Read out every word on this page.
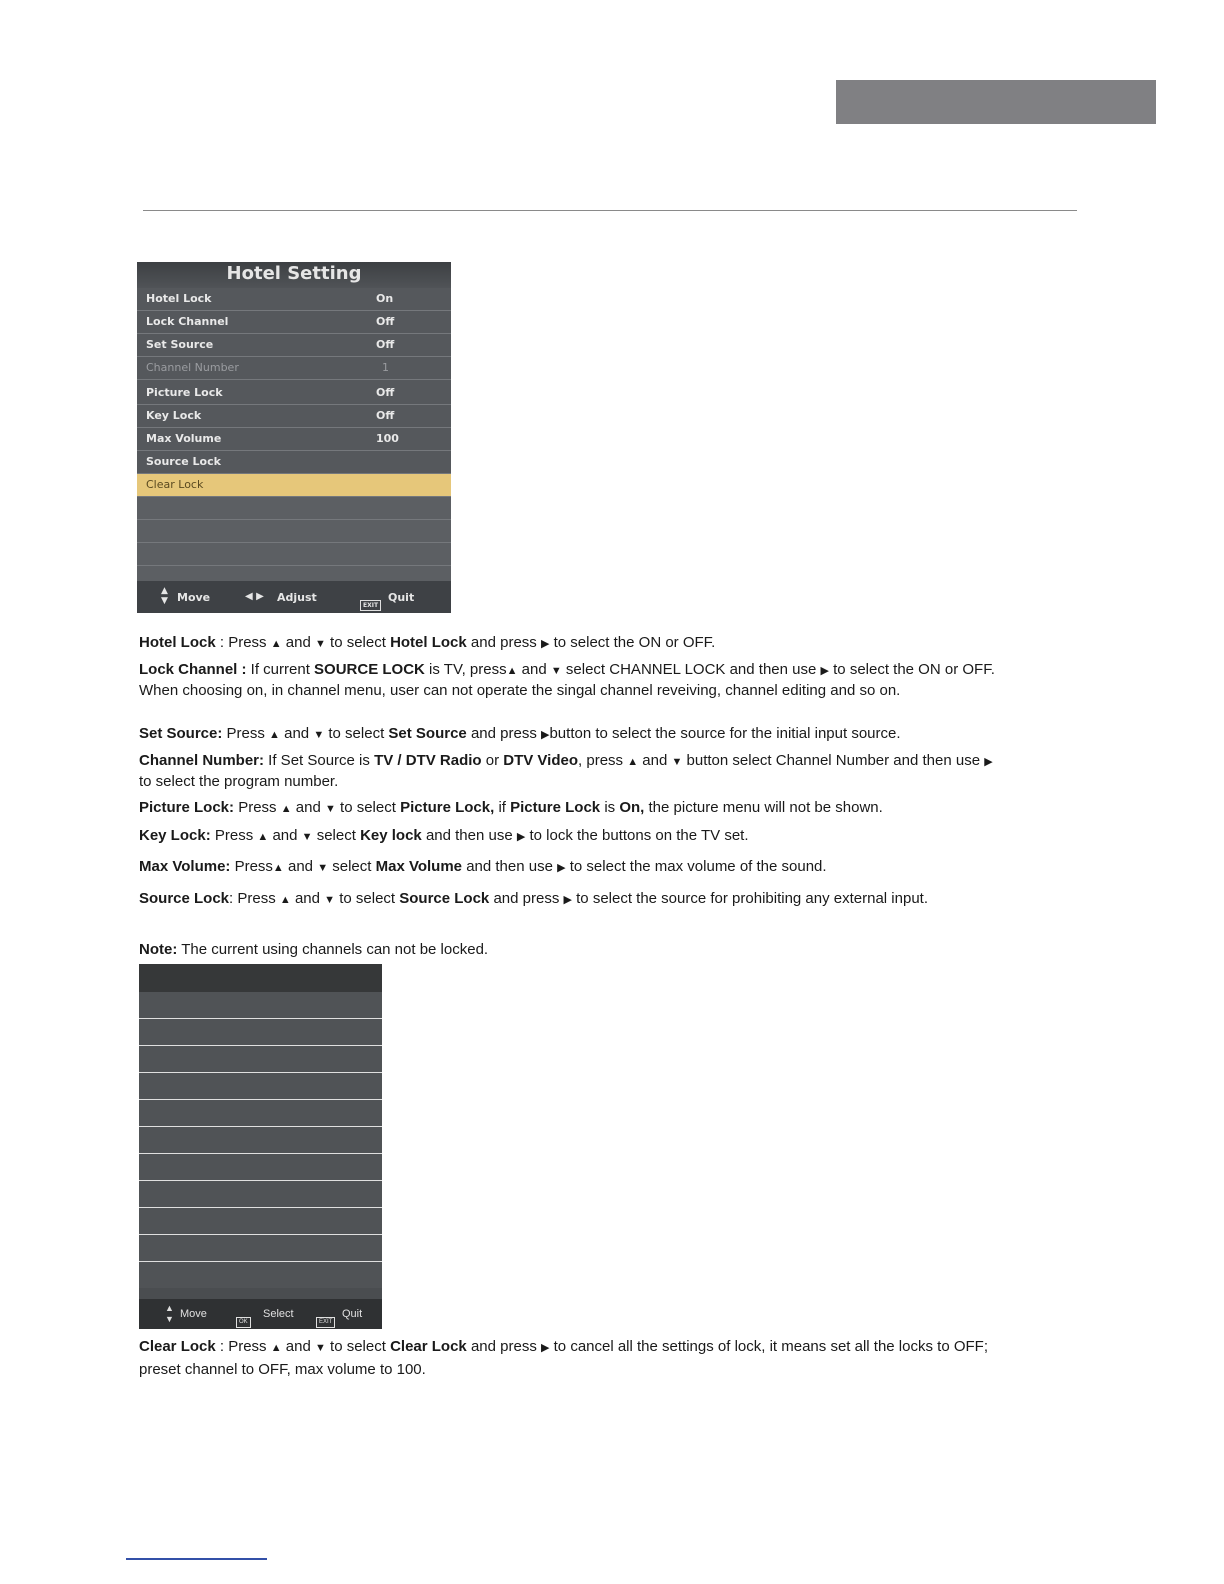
Hotel Setting
Hotel Lock	On
Lock Channel	Off
Set Source	Off
Channel Number	1
Picture Lock	Off
Key Lock	Off
Max Volume	100
Source Lock
Clear Lock
▲
▼ Move	◀ ▶ Adjust
EXIT
Quit
Hotel Lock : Press ▲ and ▼ to select Hotel Lock and press ▶ to select the ON or OFF.
Lock Channel : If current SOURCE LOCK is TV, press▲ and ▼ select CHANNEL LOCK and then use ▶ to select the ON or OFF. When choosing on, in channel menu, user can not operate the singal channel reveiving, channel editing and so on.
Set Source: Press ▲ and ▼ to select Set Source and press ▶button to select the source for the initial input source.
Channel Number: If Set Source is TV / DTV Radio or DTV Video, press ▲ and ▼ button select Channel Number and then use ▶ to select the program number.
Picture Lock: Press ▲ and ▼ to select Picture Lock, if Picture Lock is On, the picture menu will not be shown.
Key Lock: Press ▲ and ▼ select Key lock and then use ▶ to lock the buttons on the TV set.
Max Volume: Press▲ and ▼ select Max Volume and then use ▶ to select the max volume of the sound.
Source Lock: Press ▲ and ▼ to select Source Lock and press ▶ to select the source for prohibiting any external input.
Note: The current using channels can not be locked.
▲
▼ Move
OK
Select
EXIT
Quit
Clear Lock : Press ▲ and ▼ to select Clear Lock and press ▶ to cancel all the settings of lock, it means set all the locks to OFF; preset channel to OFF, max volume to 100.
